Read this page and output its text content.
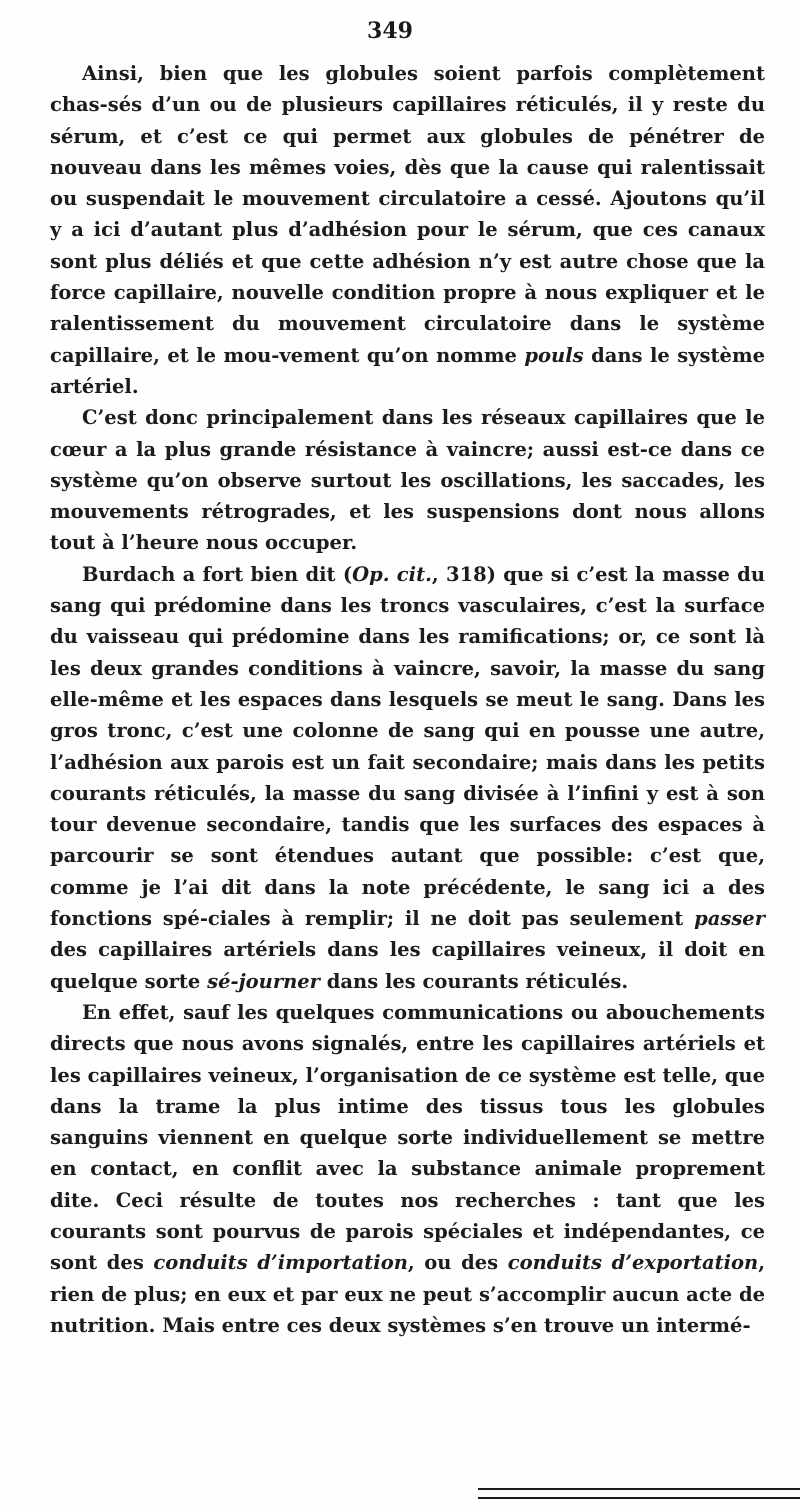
349

Ainsi, bien que les globules soient parfois complètement chas-sés d’un ou de plusieurs capillaires réticulés, il y reste du sérum, et c’est ce qui permet aux globules de pénétrer de nouveau dans les mêmes voies, dès que la cause qui ralentissait ou suspendait le mouvement circulatoire a cessé. Ajoutons qu’il y a ici d’autant plus d’adhésion pour le sérum, que ces canaux sont plus déliés et que cette adhésion n’y est autre chose que la force capillaire, nouvelle condition propre à nous expliquer et le ralentissement du mouvement circulatoire dans le système capillaire, et le mou-vement qu’on nomme pouls dans le système artériel.

C’est donc principalement dans les réseaux capillaires que le cœur a la plus grande résistance à vaincre; aussi est-ce dans ce système qu’on observe surtout les oscillations, les saccades, les mouvements rétrogrades, et les suspensions dont nous allons tout à l’heure nous occuper.

Burdach a fort bien dit (Op. cit., 318) que si c’est la masse du sang qui prédomine dans les troncs vasculaires, c’est la surface du vaisseau qui prédomine dans les ramifications; or, ce sont là les deux grandes conditions à vaincre, savoir, la masse du sang elle-même et les espaces dans lesquels se meut le sang. Dans les gros tronc, c’est une colonne de sang qui en pousse une autre, l’adhésion aux parois est un fait secondaire; mais dans les petits courants réticulés, la masse du sang divisée à l’infini y est à son tour devenue secondaire, tandis que les surfaces des espaces à parcourir se sont étendues autant que possible: c’est que, comme je l’ai dit dans la note précédente, le sang ici a des fonctions spé-ciales à remplir; il ne doit pas seulement passer des capillaires artériels dans les capillaires veineux, il doit en quelque sorte sé-journer dans les courants réticulés.

En effet, sauf les quelques communications ou abouchements directs que nous avons signalés, entre les capillaires artériels et les capillaires veineux, l’organisation de ce système est telle, que dans la trame la plus intime des tissus tous les globules sanguins viennent en quelque sorte individuellement se mettre en contact, en conflit avec la substance animale proprement dite. Ceci résulte de toutes nos recherches : tant que les courants sont pourvus de parois spéciales et indépendantes, ce sont des conduits d’importation, ou des conduits d’exportation, rien de plus; en eux et par eux ne peut s’accomplir aucun acte de nutrition. Mais entre ces deux systèmes s’en trouve un intermé-
